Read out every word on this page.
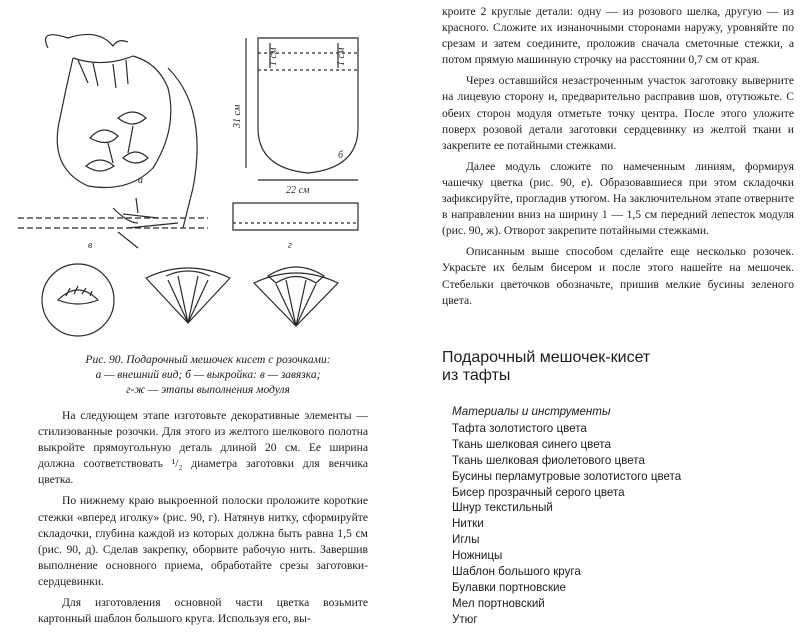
а
1 см	1 см
31 см
22 см
б
в	г
Рис. 90. Подарочный мешочек кисет с розочками:
а — внешний вид; б — выкройка: в — завязка;
г-ж — этапы выполнения модуля

На следующем этапе изготовьте декоративные элементы — стилизованные розочки. Для этого из желтого шелкового полотна выкройте прямоугольную деталь длиной 20 см. Ее ширина должна соответствовать ¹/₂ диаметра заготовки для венчика цветка.

По нижнему краю выкроенной полоски проложите короткие стежки «вперед иголку» (рис. 90, г). Натянув нитку, сформируйте складочки, глубина каждой из которых должна быть равна 1,5 см (рис. 90, д). Сделав закрепку, оборвите рабочую нить. Завершив выполнение основного приема, обработайте срезы заготовки-сердцевинки.

Для изготовления основной части цветка возьмите картонный шаблон большого круга. Используя его, вы-

кроите 2 круглые детали: одну — из розового шелка, другую — из красного. Сложите их изнаночными сторонами наружу, уровняйте по срезам и затем соедините, проложив сначала сметочные стежки, а потом прямую машинную строчку на расстоянии 0,7 см от края.

Через оставшийся незастроченным участок заготовку выверните на лицевую сторону и, предварительно расправив шов, отутюжьте. С обеих сторон модуля отметьте точку центра. После этого уложите поверх розовой детали заготовки сердцевинку из желтой ткани и закрепите ее потайными стежками.

Далее модуль сложите по намеченным линиям, формируя чашечку цветка (рис. 90, е). Образовавшиеся при этом складочки зафиксируйте, прогладив утюгом. На заключительном этапе отверните в направлении вниз на ширину 1 — 1,5 см передний лепесток модуля (рис. 90, ж). Отворот закрепите потайными стежками.

Описанным выше способом сделайте еще несколько розочек. Украсьте их белым бисером и после этого нашейте на мешочек. Стебельки цветочков обозначьте, пришив мелкие бусины зеленого цвета.

Подарочный мешочек-кисет
из тафты
Материалы и инструменты
Тафта золотистого цвета
Ткань шелковая синего цвета
Ткань шелковая фиолетового цвета
Бусины перламутровые золотистого цвета
Бисер прозрачный серого цвета
Шнур текстильный
Нитки
Иглы
Ножницы
Шаблон большого круга
Булавки портновские
Мел портновский
Утюг
